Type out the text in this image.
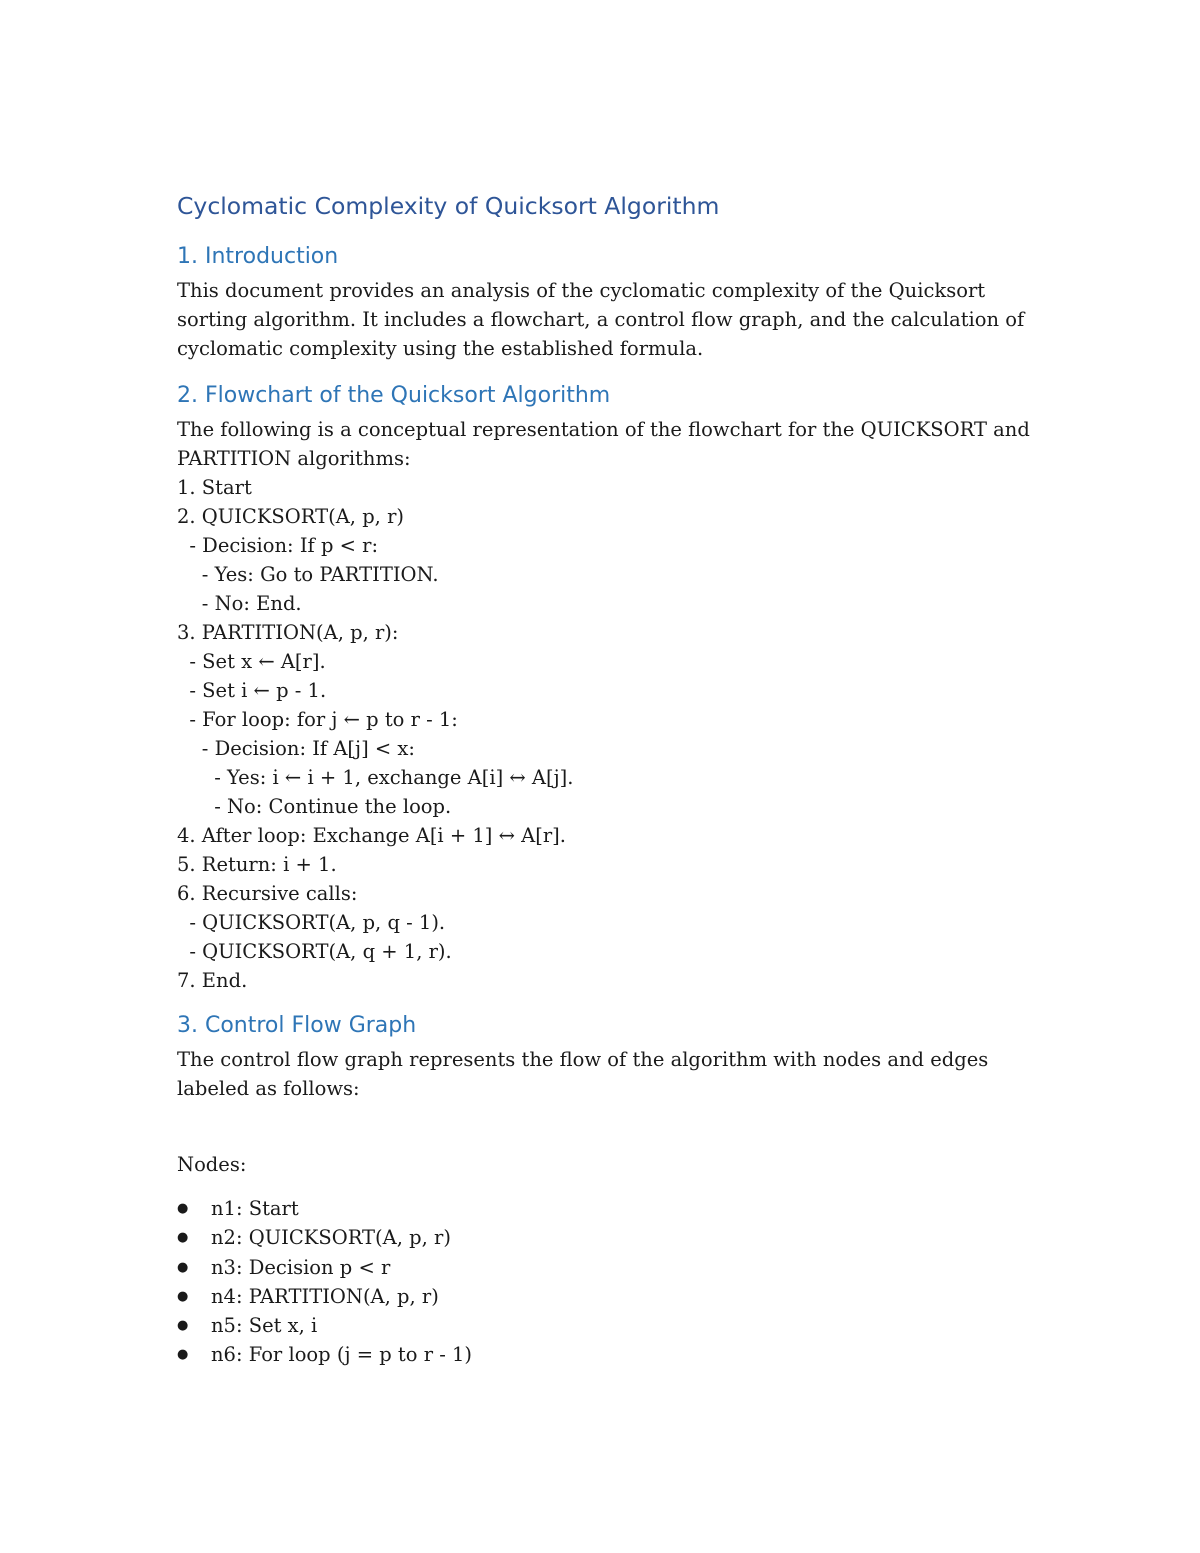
Cyclomatic Complexity of Quicksort Algorithm
1. Introduction

This document provides an analysis of the cyclomatic complexity of the Quicksort sorting algorithm. It includes a flowchart, a control flow graph, and the calculation of cyclomatic complexity using the established formula.

2. Flowchart of the Quicksort Algorithm
The following is a conceptual representation of the flowchart for the QUICKSORT and PARTITION algorithms:
1. Start
2. QUICKSORT(A, p, r)
- Decision: If p < r:
- Yes: Go to PARTITION.
- No: End.
3. PARTITION(A, p, r):
- Set x ← A[r].
- Set i ← p - 1.
- For loop: for j ← p to r - 1:
- Decision: If A[j] < x:
- Yes: i ← i + 1, exchange A[i] ↔ A[j].
- No: Continue the loop.
4. After loop: Exchange A[i + 1] ↔ A[r].
5. Return: i + 1.
6. Recursive calls:
- QUICKSORT(A, p, q - 1).
- QUICKSORT(A, q + 1, r).
7. End.
3. Control Flow Graph
The control flow graph represents the flow of the algorithm with nodes and edges labeled as follows:
Nodes:
● n1: Start
● n2: QUICKSORT(A, p, r)
● n3: Decision p < r
● n4: PARTITION(A, p, r)
● n5: Set x, i
● n6: For loop (j = p to r - 1)
